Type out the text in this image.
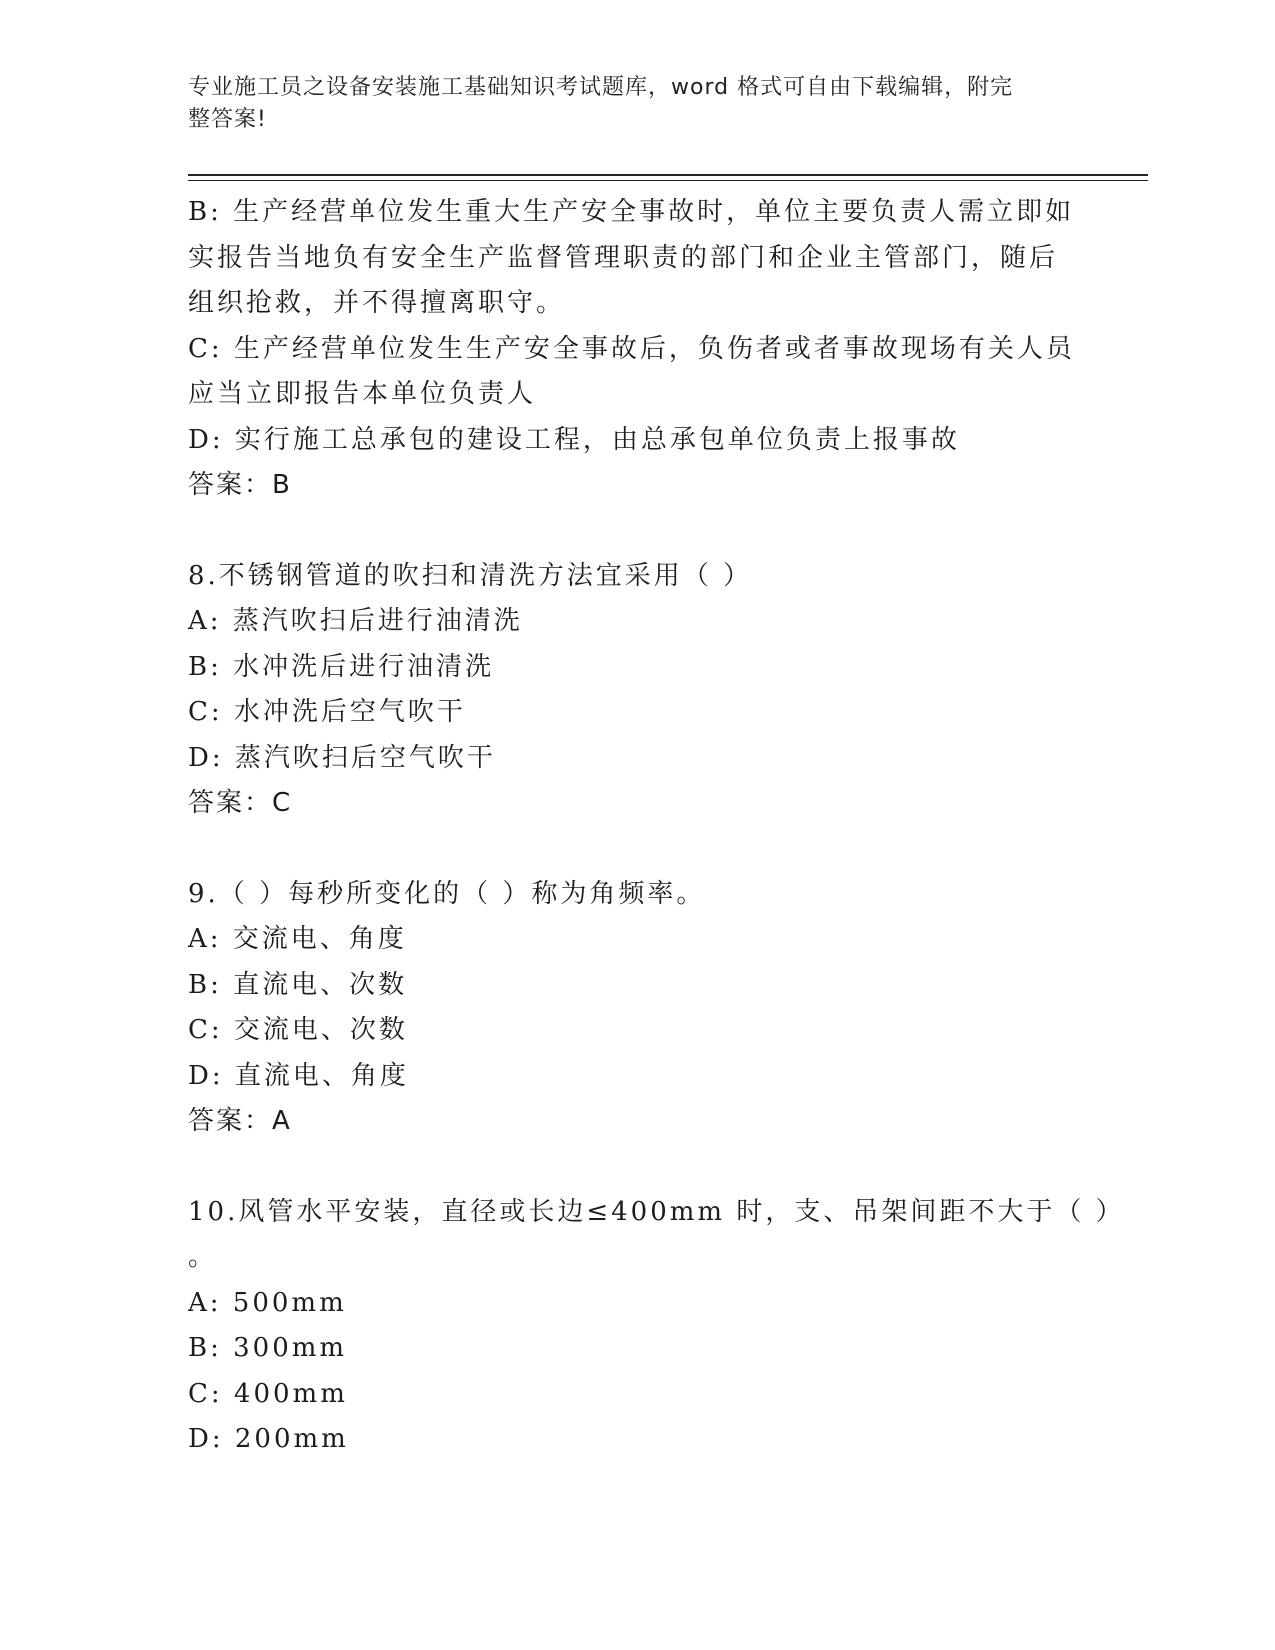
专业施工员之设备安装施工基础知识考试题库，word 格式可自由下载编辑，附完
整答案!

B: 生产经营单位发生重大生产安全事故时，单位主要负责人需立即如

实报告当地负有安全生产监督管理职责的部门和企业主管部门，随后

组织抢救，并不得擅离职守。

C: 生产经营单位发生生产安全事故后，负伤者或者事故现场有关人员

应当立即报告本单位负责人

D: 实行施工总承包的建设工程，由总承包单位负责上报事故

答案：B

8.不锈钢管道的吹扫和清洗方法宜采用（ ）

A: 蒸汽吹扫后进行油清洗

B: 水冲洗后进行油清洗

C: 水冲洗后空气吹干

D: 蒸汽吹扫后空气吹干

答案：C

9.（ ）每秒所变化的（ ）称为角频率。

A: 交流电、角度

B: 直流电、次数

C: 交流电、次数

D: 直流电、角度

答案：A

10.风管水平安装，直径或长边≤400mm 时，支、吊架间距不大于（ ）

。

A: 500mm

B: 300mm

C: 400mm

D: 200mm
